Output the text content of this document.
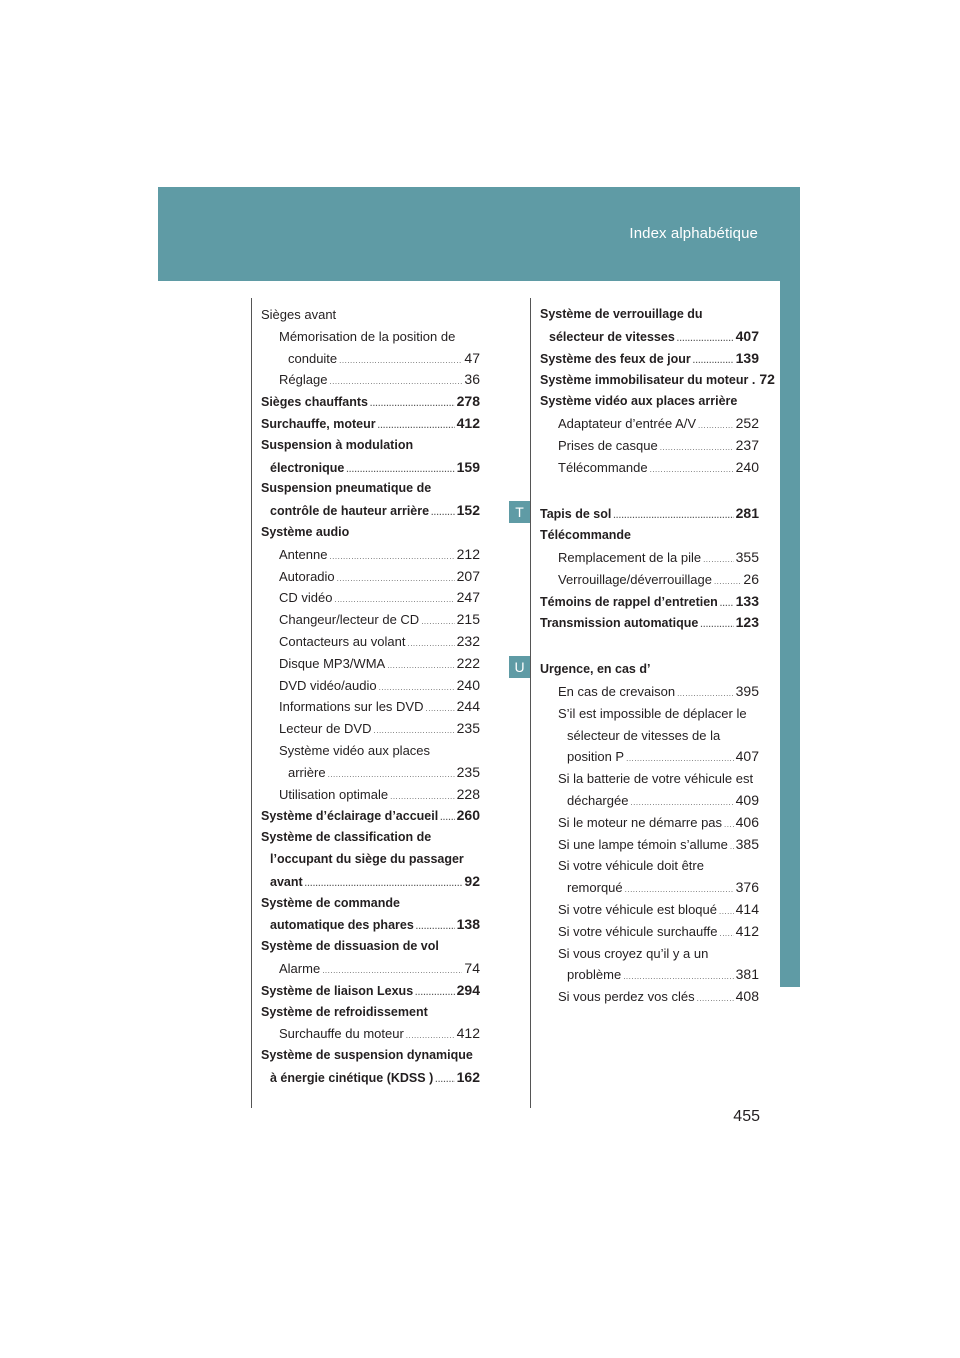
Index alphabétique
T
U
Sièges avant
Mémorisation de la position de
conduite .....	47
Réglage .....	36
Sièges chauffants .....	278
Surchauffe, moteur .....	412
Suspension à modulation
électronique .....	159
Suspension pneumatique de
contrôle de hauteur arrière ..... 152
Système audio
Antenne .....	212
Autoradio .....	207
CD vidéo .....	247
Changeur/lecteur de CD .....	215
Contacteurs au volant .....	232
Disque MP3/WMA .....	222
DVD vidéo/audio .....	240
Informations sur les DVD ..... 244
Lecteur de DVD .....	235
Système vidéo aux places
arrière .....	235
Utilisation optimale .....	228
Système d’éclairage d’accueil ..... 260
Système de classification de
l’occupant du siège du passager
avant .....	92
Système de commande
automatique des phares .....	138
Système de dissuasion de vol
Alarme .....	74
Système de liaison Lexus .....	294
Système de refroidissement
Surchauffe du moteur .....	412
Système de suspension dynamique
à énergie cinétique (KDSS ) ..... 162
Système de verrouillage du
sélecteur de vitesses .....	407
Système des feux de jour .....	139
Système immobilisateur du moteur . 72
Système vidéo aux places arrière
Adaptateur d’entrée A/V .....	252
Prises de casque .....	237
Télécommande .....	240
Tapis de sol .....	281
Télécommande
Remplacement de la pile ..... 355
Verrouillage/déverrouillage ..... 26
Témoins de rappel d’entretien ..... 133
Transmission automatique .....	123
Urgence, en cas d’
En cas de crevaison .....	395
S’il est impossible de déplacer le
sélecteur de vitesses de la
position P .....	407
Si la batterie de votre véhicule est
déchargée .....	409
Si le moteur ne démarre pas ..... 406
Si une lampe témoin s’allume ..... 385
Si votre véhicule doit être
remorqué .....	376
Si votre véhicule est bloqué ..... 414
Si votre véhicule surchauffe ..... 412
Si vous croyez qu’il y a un
problème .....	381
Si vous perdez vos clés .....	408
455
